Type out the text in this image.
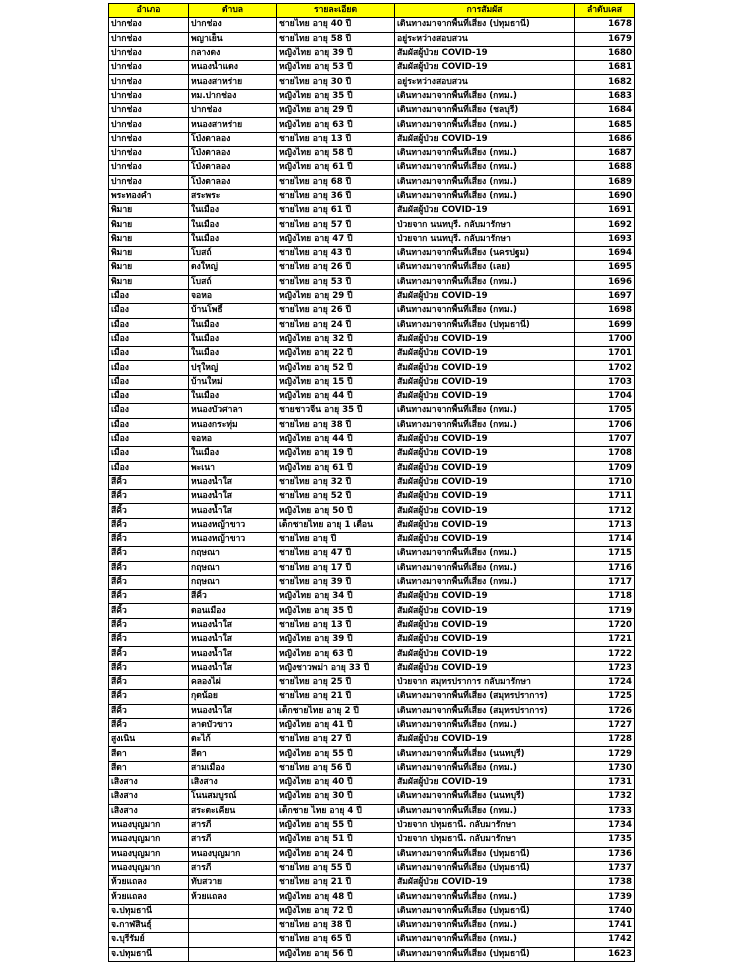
อำเภอ	ตำบล	รายละเอียด	การสัมผัส	ลำดับเคส
ปากช่อง	ปากช่อง	ชายไทย อายุ 40 ปี	เดินทางมาจากพื้นที่เสี่ยง (ปทุมธานี)	1678
ปากช่อง	พญาเย็น	ชายไทย อายุ 58 ปี	อยู่ระหว่างสอบสวน	1679
ปากช่อง	กลางดง	หญิงไทย อายุ 39 ปี	สัมผัสผู้ป่วย COVID-19	1680
ปากช่อง	หนองน้ำแดง	หญิงไทย อายุ 53 ปี	สัมผัสผู้ป่วย COVID-19	1681
ปากช่อง	หนองสาหร่าย	ชายไทย อายุ 30 ปี	อยู่ระหว่างสอบสวน	1682
ปากช่อง	ทม.ปากช่อง	หญิงไทย อายุ 35 ปี	เดินทางมาจากพื้นที่เสี่ยง (กทม.)	1683
ปากช่อง	ปากช่อง	หญิงไทย อายุ 29 ปี	เดินทางมาจากพื้นที่เสี่ยง (ชลบุรี)	1684
ปากช่อง	หนองสาหร่าย	หญิงไทย อายุ 63 ปี	เดินทางมาจากพื้นที่เสี่ยง (กทม.)	1685
ปากช่อง	โป่งตาลอง	ชายไทย อายุ 13 ปี	สัมผัสผู้ป่วย COVID-19	1686
ปากช่อง	โป่งตาลอง	หญิงไทย อายุ 58 ปี	เดินทางมาจากพื้นที่เสี่ยง (กทม.)	1687
ปากช่อง	โป่งตาลอง	หญิงไทย อายุ 61 ปี	เดินทางมาจากพื้นที่เสี่ยง (กทม.)	1688
ปากช่อง	โป่งตาลอง	ชายไทย อายุ 68 ปี	เดินทางมาจากพื้นที่เสี่ยง (กทม.)	1689
พระทองคำ	สระพระ	ชายไทย อายุ 36 ปี	เดินทางมาจากพื้นที่เสี่ยง (กทม.)	1690
พิมาย	ในเมือง	ชายไทย อายุ 61 ปี	สัมผัสผู้ป่วย COVID-19	1691
พิมาย	ในเมือง	ชายไทย อายุ 57 ปี	ป่วยจาก นนทบุรี. กลับมารักษา	1692
พิมาย	ในเมือง	หญิงไทย อายุ 47 ปี	ป่วยจาก นนทบุรี. กลับมารักษา	1693
พิมาย	โบสถ์	ชายไทย อายุ 43 ปี	เดินทางมาจากพื้นที่เสี่ยง (นครปฐม)	1694
พิมาย	ดงใหญ่	ชายไทย อายุ 26 ปี	เดินทางมาจากพื้นที่เสี่ยง (เลย)	1695
พิมาย	โบสถ์	ชายไทย อายุ 53 ปี	เดินทางมาจากพื้นที่เสี่ยง (กทม.)	1696
เมือง	จอหอ	หญิงไทย อายุ 29 ปี	สัมผัสผู้ป่วย COVID-19	1697
เมือง	บ้านโพธิ์	ชายไทย อายุ 26 ปี	เดินทางมาจากพื้นที่เสี่ยง (กทม.)	1698
เมือง	ในเมือง	ชายไทย อายุ 24 ปี	เดินทางมาจากพื้นที่เสี่ยง (ปทุมธานี)	1699
เมือง	ในเมือง	หญิงไทย อายุ 32 ปี	สัมผัสผู้ป่วย COVID-19	1700
เมือง	ในเมือง	หญิงไทย อายุ 22 ปี	สัมผัสผู้ป่วย COVID-19	1701
เมือง	ปรุใหญ่	หญิงไทย อายุ 52 ปี	สัมผัสผู้ป่วย COVID-19	1702
เมือง	บ้านใหม่	หญิงไทย อายุ 15 ปี	สัมผัสผู้ป่วย COVID-19	1703
เมือง	ในเมือง	หญิงไทย อายุ 44 ปี	สัมผัสผู้ป่วย COVID-19	1704
เมือง	หนองบัวศาลา	ชายชาวจีน อายุ 35 ปี	เดินทางมาจากพื้นที่เสี่ยง (กทม.)	1705
เมือง	หนองกระทุ่ม	ชายไทย อายุ 38 ปี	เดินทางมาจากพื้นที่เสี่ยง (กทม.)	1706
เมือง	จอหอ	หญิงไทย อายุ 44 ปี	สัมผัสผู้ป่วย COVID-19	1707
เมือง	ในเมือง	หญิงไทย อายุ 19 ปี	สัมผัสผู้ป่วย COVID-19	1708
เมือง	พะเนา	หญิงไทย อายุ 61 ปี	สัมผัสผู้ป่วย COVID-19	1709
สีคิ้ว	หนองน้ำใส	ชายไทย อายุ 32 ปี	สัมผัสผู้ป่วย COVID-19	1710
สีคิ้ว	หนองน้ำใส	ชายไทย อายุ 52 ปี	สัมผัสผู้ป่วย COVID-19	1711
สีคิ้ว	หนองน้ำใส	หญิงไทย อายุ 50 ปี	สัมผัสผู้ป่วย COVID-19	1712
สีคิ้ว	หนองหญ้าขาว	เด็กชายไทย อายุ 1 เดือน	สัมผัสผู้ป่วย COVID-19	1713
สีคิ้ว	หนองหญ้าขาว	ชายไทย อายุ ปี	สัมผัสผู้ป่วย COVID-19	1714
สีคิ้ว	กฤษณา	ชายไทย อายุ 47 ปี	เดินทางมาจากพื้นที่เสี่ยง (กทม.)	1715
สีคิ้ว	กฤษณา	ชายไทย อายุ 17 ปี	เดินทางมาจากพื้นที่เสี่ยง (กทม.)	1716
สีคิ้ว	กฤษณา	ชายไทย อายุ 39 ปี	เดินทางมาจากพื้นที่เสี่ยง (กทม.)	1717
สีคิ้ว	สีคิ้ว	หญิงไทย อายุ 34 ปี	สัมผัสผู้ป่วย COVID-19	1718
สีคิ้ว	ดอนเมือง	หญิงไทย อายุ 35 ปี	สัมผัสผู้ป่วย COVID-19	1719
สีคิ้ว	หนองน้ำใส	ชายไทย อายุ 13 ปี	สัมผัสผู้ป่วย COVID-19	1720
สีคิ้ว	หนองน้ำใส	หญิงไทย อายุ 39 ปี	สัมผัสผู้ป่วย COVID-19	1721
สีคิ้ว	หนองน้ำใส	หญิงไทย อายุ 63 ปี	สัมผัสผู้ป่วย COVID-19	1722
สีคิ้ว	หนองน้ำใส	หญิงชาวพม่า อายุ 33 ปี	สัมผัสผู้ป่วย COVID-19	1723
สีคิ้ว	คลองไผ่	ชายไทย อายุ 25 ปี	ป่วยจาก สมุทรปราการ กลับมารักษา	1724
สีคิ้ว	กุดน้อย	ชายไทย อายุ 21 ปี	เดินทางมาจากพื้นที่เสี่ยง (สมุทรปราการ)	1725
สีคิ้ว	หนองน้ำใส	เด็กชายไทย อายุ 2 ปี	เดินทางมาจากพื้นที่เสี่ยง (สมุทรปราการ)	1726
สีคิ้ว	ลาดบัวขาว	หญิงไทย อายุ 41 ปี	เดินทางมาจากพื้นที่เสี่ยง (กทม.)	1727
สูงเนิน	ตะไก้	ชายไทย อายุ 27 ปี	สัมผัสผู้ป่วย COVID-19	1728
สีดา	สีดา	หญิงไทย อายุ 55 ปี	เดินทางมาจากพื้นที่เสี่ยง (นนทบุรี)	1729
สีดา	สามเมือง	ชายไทย อายุ 56 ปี	เดินทางมาจากพื้นที่เสี่ยง (กทม.)	1730
เสิงสาง	เสิงสาง	หญิงไทย อายุ 40 ปี	สัมผัสผู้ป่วย COVID-19	1731
เสิงสาง	โนนสมบูรณ์	หญิงไทย อายุ 30 ปี	เดินทางมาจากพื้นที่เสี่ยง (นนทบุรี)	1732
เสิงสาง	สระตะเคียน	เด็กชาย ไทย อายุ 4 ปี	เดินทางมาจากพื้นที่เสี่ยง (กทม.)	1733
หนองบุญมาก	สารภี	หญิงไทย อายุ 55 ปี	ป่วยจาก ปทุมธานี. กลับมารักษา	1734
หนองบุญมาก	สารภี	หญิงไทย อายุ 51 ปี	ป่วยจาก ปทุมธานี. กลับมารักษา	1735
หนองบุญมาก	หนองบุญมาก	หญิงไทย อายุ 24 ปี	เดินทางมาจากพื้นที่เสี่ยง (ปทุมธานี)	1736
หนองบุญมาก	สารภี	ชายไทย อายุ 55 ปี	เดินทางมาจากพื้นที่เสี่ยง (ปทุมธานี)	1737
ห้วยแถลง	ทับสวาย	ชายไทย อายุ 21 ปี	สัมผัสผู้ป่วย COVID-19	1738
ห้วยแถลง	ห้วยแถลง	หญิงไทย อายุ 48 ปี	เดินทางมาจากพื้นที่เสี่ยง (กทม.)	1739
จ.ปทุมธานี		หญิงไทย อายุ 72 ปี	เดินทางมาจากพื้นที่เสี่ยง (ปทุมธานี)	1740
จ.กาฬสินธุ์		ชายไทย อายุ 38 ปี	เดินทางมาจากพื้นที่เสี่ยง (กทม.)	1741
จ.บุรีรัมย์		ชายไทย อายุ 65 ปี	เดินทางมาจากพื้นที่เสี่ยง (กทม.)	1742
จ.ปทุมธานี		หญิงไทย อายุ 56 ปี	เดินทางมาจากพื้นที่เสี่ยง (ปทุมธานี)	1623
